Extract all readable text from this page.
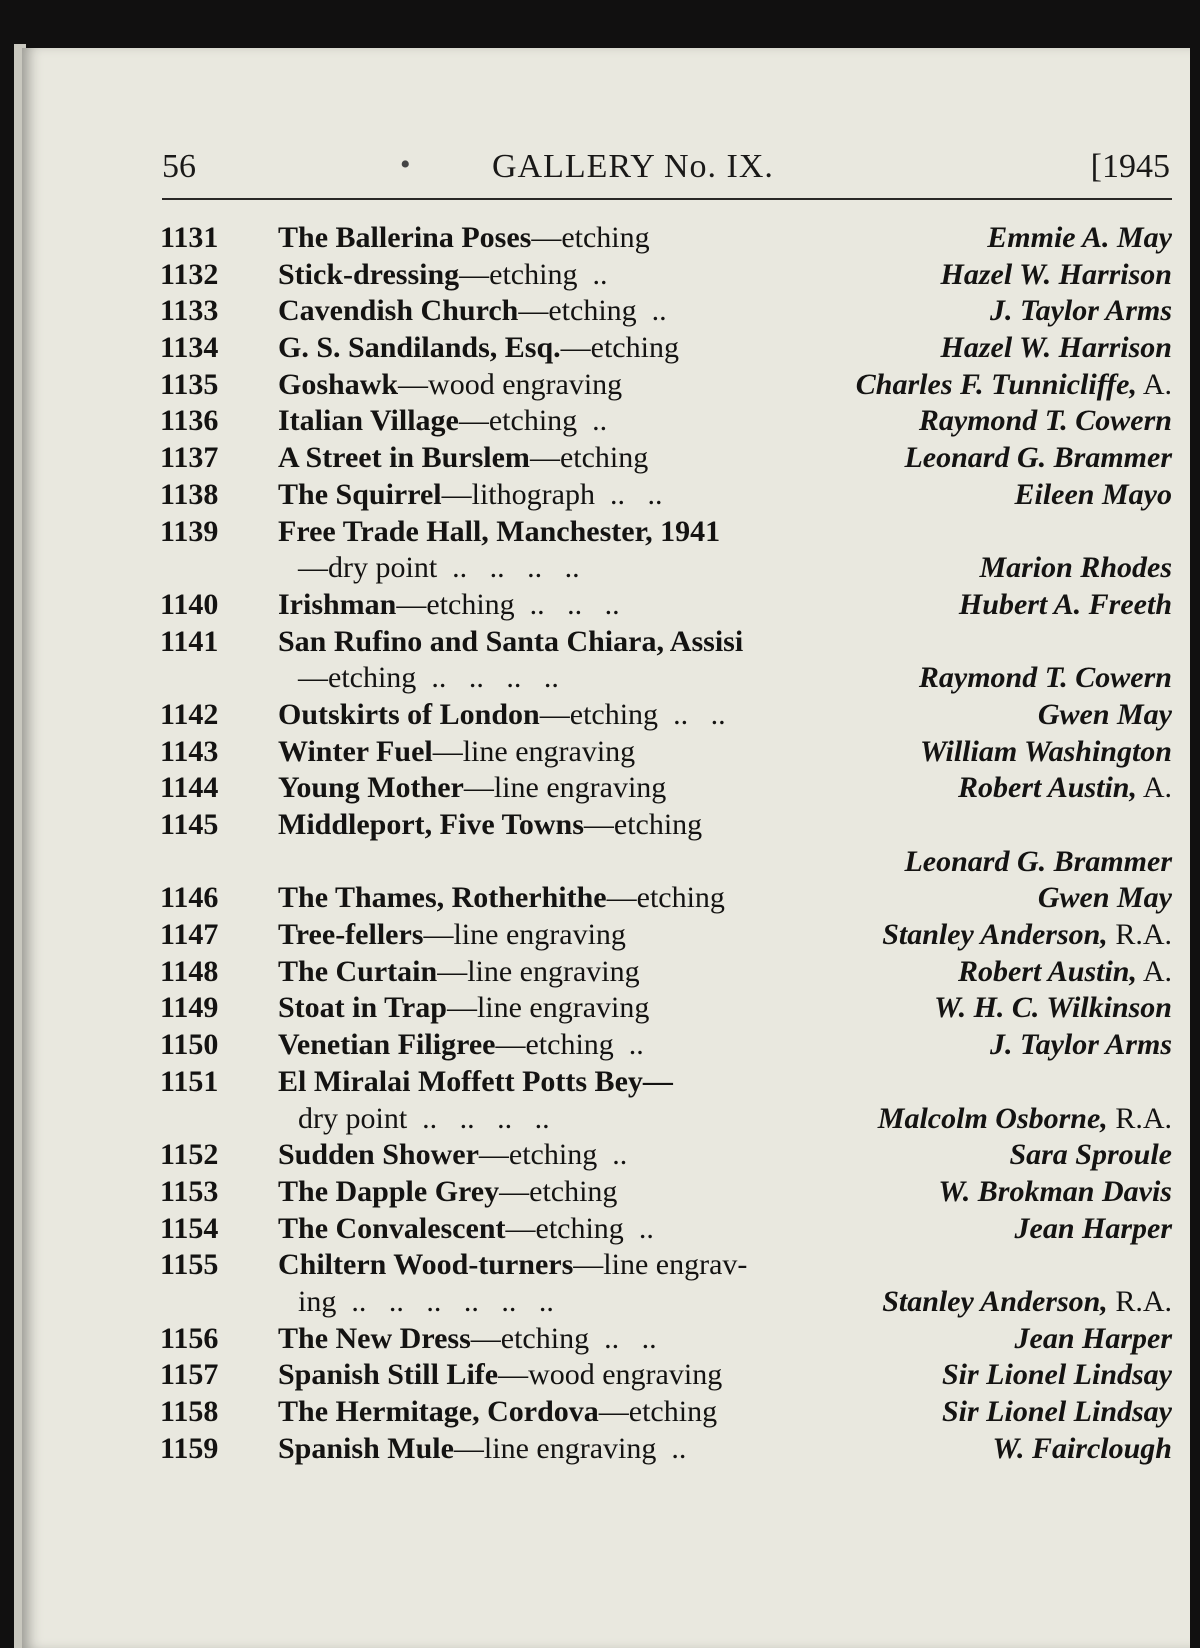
56	• GALLERY No. IX.	[1945
1131	The Ballerina Poses—etching	Emmie A. May
1132	Stick-dressing—etching  ..	Hazel W. Harrison
1133	Cavendish Church—etching  ..	J. Taylor Arms
1134	G. S. Sandilands, Esq.—etching	Hazel W. Harrison
1135	Goshawk—wood engraving	Charles F. Tunnicliffe, A.
1136	Italian Village—etching  ..	Raymond T. Cowern
1137	A Street in Burslem—etching	Leonard G. Brammer
1138	The Squirrel—lithograph  ..   ..	Eileen Mayo
1139	Free Trade Hall, Manchester, 1941
—dry point  ..   ..   ..   ..	Marion Rhodes
1140	Irishman—etching  ..   ..   ..	Hubert A. Freeth
1141	San Rufino and Santa Chiara, Assisi
—etching  ..   ..   ..   ..	Raymond T. Cowern
1142	Outskirts of London—etching  ..   ..	Gwen May
1143	Winter Fuel—line engraving	William Washington
1144	Young Mother—line engraving	Robert Austin, A.
1145	Middleport, Five Towns—etching
Leonard G. Brammer
1146	The Thames, Rotherhithe—etching	Gwen May
1147	Tree-fellers—line engraving	Stanley Anderson, R.A.
1148	The Curtain—line engraving	Robert Austin, A.
1149	Stoat in Trap—line engraving	W. H. C. Wilkinson
1150	Venetian Filigree—etching  ..	J. Taylor Arms
1151	El Miralai Moffett Potts Bey—
dry point  ..   ..   ..   ..	Malcolm Osborne, R.A.
1152	Sudden Shower—etching  ..	Sara Sproule
1153	The Dapple Grey—etching	W. Brokman Davis
1154	The Convalescent—etching  ..	Jean Harper
1155	Chiltern Wood-turners—line engrav-
ing  ..   ..   ..   ..   ..   ..	Stanley Anderson, R.A.
1156	The New Dress—etching  ..   ..	Jean Harper
1157	Spanish Still Life—wood engraving	Sir Lionel Lindsay
1158	The Hermitage, Cordova—etching	Sir Lionel Lindsay
1159	Spanish Mule—line engraving  ..	W. Fairclough
